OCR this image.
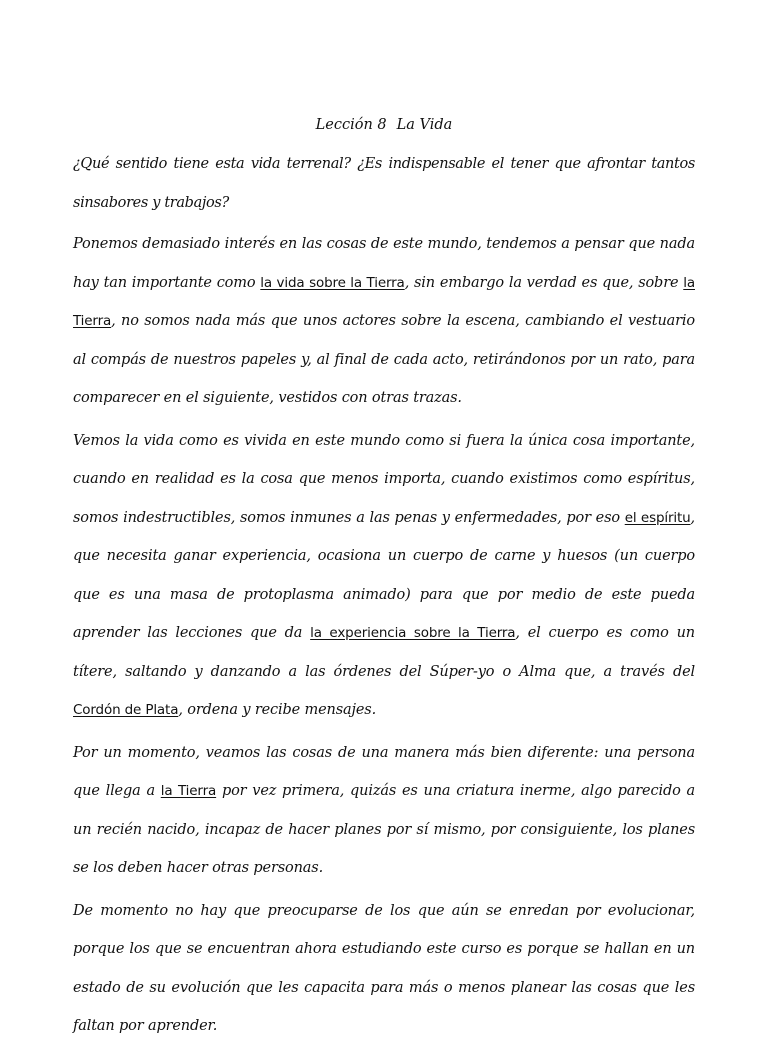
Lección 8 La Vida

¿Qué sentido tiene esta vida terrenal? ¿Es indispensable el tener que afrontar tantos sinsabores y trabajos?

Ponemos demasiado interés en las cosas de este mundo, tendemos a pensar que nada hay tan importante como la vida sobre la Tierra, sin embargo la verdad es que, sobre la Tierra, no somos nada más que unos actores sobre la escena, cambiando el vestuario al compás de nuestros papeles y, al final de cada acto, retirándonos por un rato, para comparecer en el siguiente, vestidos con otras trazas.

Vemos la vida como es vivida en este mundo como si fuera la única cosa importante, cuando en realidad es la cosa que menos importa, cuando existimos como espíritus, somos indestructibles, somos inmunes a las penas y enfermedades, por eso el espíritu, que necesita ganar experiencia, ocasiona un cuerpo de carne y huesos (un cuerpo que es una masa de protoplasma animado) para que por medio de este pueda aprender las lecciones que da la experiencia sobre la Tierra, el cuerpo es como un títere, saltando y danzando a las órdenes del Súper-yo o Alma que, a través del Cordón de Plata, ordena y recibe mensajes.

Por un momento, veamos las cosas de una manera más bien diferente: una persona que llega a la Tierra por vez primera, quizás es una criatura inerme, algo parecido a un recién nacido, incapaz de hacer planes por sí mismo, por consiguiente, los planes se los deben hacer otras personas.

De momento no hay que preocuparse de los que aún se enredan por evolucionar, porque los que se encuentran ahora estudiando este curso es porque se hallan en un estado de su evolución que les capacita para más o menos planear las cosas que les faltan por aprender.
